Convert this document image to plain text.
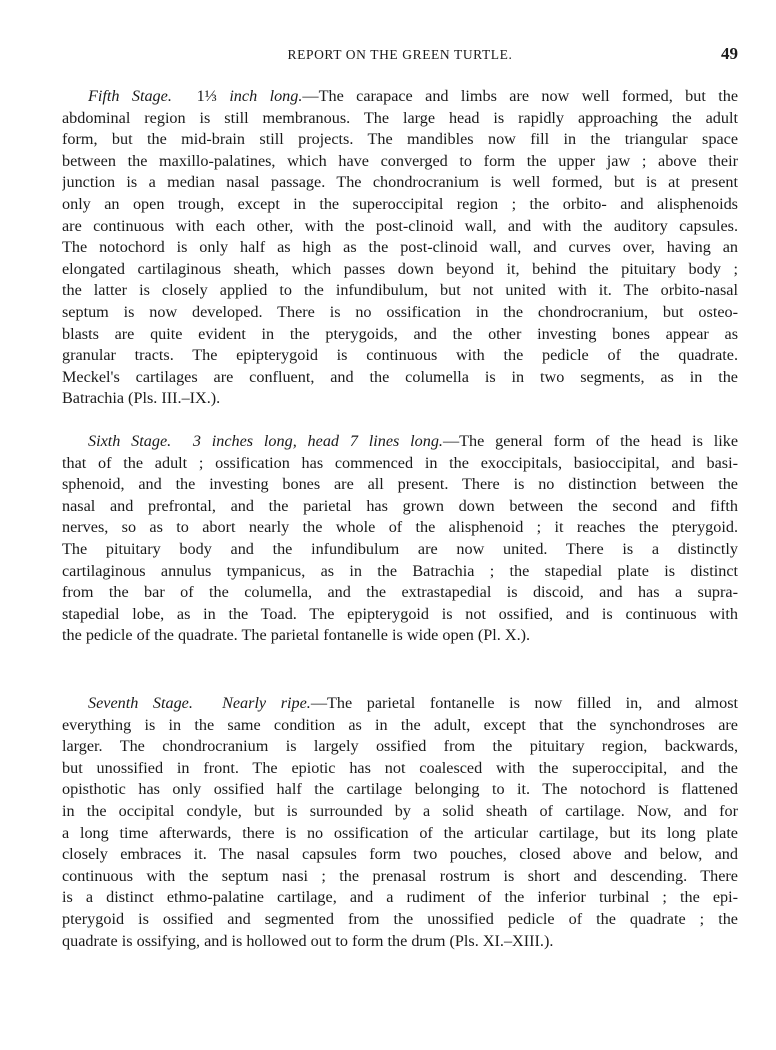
REPORT ON THE GREEN TURTLE.	49
Fifth Stage.  1⅓ inch long.—The carapace and limbs are now well formed, but the
abdominal region is still membranous. The large head is rapidly approaching the adult
form, but the mid-brain still projects. The mandibles now fill in the triangular space
between the maxillo-palatines, which have converged to form the upper jaw ; above their
junction is a median nasal passage. The chondrocranium is well formed, but is at present
only an open trough, except in the superoccipital region ; the orbito- and alisphenoids
are continuous with each other, with the post-clinoid wall, and with the auditory capsules.
The notochord is only half as high as the post-clinoid wall, and curves over, having an
elongated cartilaginous sheath, which passes down beyond it, behind the pituitary body ;
the latter is closely applied to the infundibulum, but not united with it. The orbito-nasal
septum is now developed. There is no ossification in the chondrocranium, but osteo-
blasts are quite evident in the pterygoids, and the other investing bones appear as
granular tracts. The epipterygoid is continuous with the pedicle of the quadrate.
Meckel's cartilages are confluent, and the columella is in two segments, as in the
Batrachia (Pls. III.–IX.).
Sixth Stage. 3 inches long, head 7 lines long.—The general form of the head is like
that of the adult ; ossification has commenced in the exoccipitals, basioccipital, and basi-
sphenoid, and the investing bones are all present. There is no distinction between the
nasal and prefrontal, and the parietal has grown down between the second and fifth
nerves, so as to abort nearly the whole of the alisphenoid ; it reaches the pterygoid.
The pituitary body and the infundibulum are now united. There is a distinctly
cartilaginous annulus tympanicus, as in the Batrachia ; the stapedial plate is distinct
from the bar of the columella, and the extrastapedial is discoid, and has a supra-
stapedial lobe, as in the Toad. The epipterygoid is not ossified, and is continuous with
the pedicle of the quadrate. The parietal fontanelle is wide open (Pl. X.).
Seventh Stage. Nearly ripe.—The parietal fontanelle is now filled in, and almost
everything is in the same condition as in the adult, except that the synchondroses are
larger. The chondrocranium is largely ossified from the pituitary region, backwards,
but unossified in front. The epiotic has not coalesced with the superoccipital, and the
opisthotic has only ossified half the cartilage belonging to it. The notochord is flattened
in the occipital condyle, but is surrounded by a solid sheath of cartilage. Now, and for
a long time afterwards, there is no ossification of the articular cartilage, but its long plate
closely embraces it. The nasal capsules form two pouches, closed above and below, and
continuous with the septum nasi ; the prenasal rostrum is short and descending. There
is a distinct ethmo-palatine cartilage, and a rudiment of the inferior turbinal ; the epi-
pterygoid is ossified and segmented from the unossified pedicle of the quadrate ; the
quadrate is ossifying, and is hollowed out to form the drum (Pls. XI.–XIII.).
